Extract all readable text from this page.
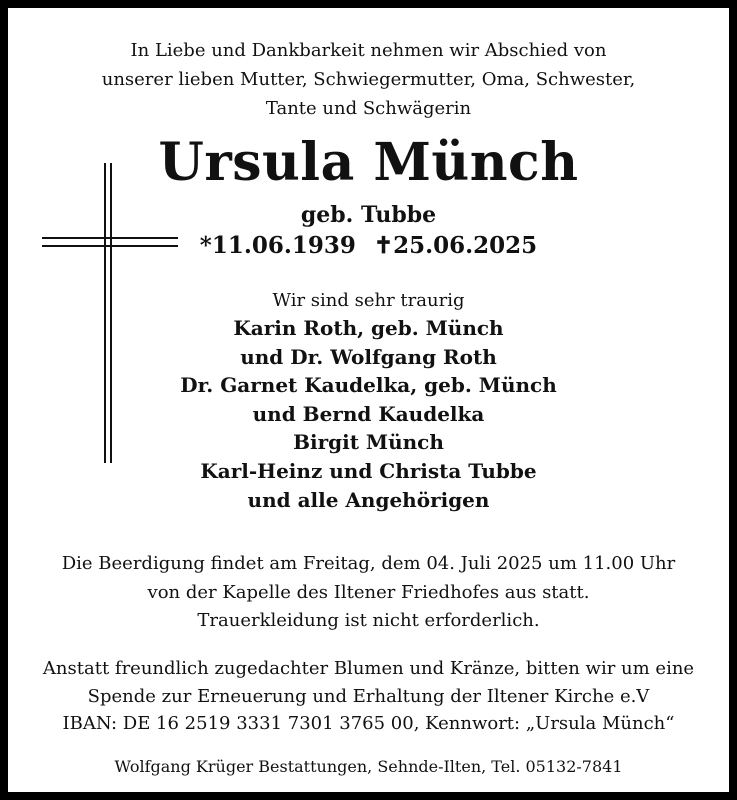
In Liebe und Dankbarkeit nehmen wir Abschied von
unserer lieben Mutter, Schwiegermutter, Oma, Schwester,
Tante und Schwägerin
Ursula Münch
geb. Tubbe
*11.06.1939 ✝25.06.2025
Wir sind sehr traurig
Karin Roth, geb. Münch
und Dr. Wolfgang Roth
Dr. Garnet Kaudelka, geb. Münch
und Bernd Kaudelka
Birgit Münch
Karl-Heinz und Christa Tubbe
und alle Angehörigen
Die Beerdigung findet am Freitag, dem 04. Juli 2025 um 11.00 Uhr
von der Kapelle des Iltener Friedhofes aus statt.
Trauerkleidung ist nicht erforderlich.
Anstatt freundlich zugedachter Blumen und Kränze, bitten wir um eine
Spende zur Erneuerung und Erhaltung der Iltener Kirche e.V
IBAN: DE 16 2519 3331 7301 3765 00, Kennwort: „Ursula Münch“
Wolfgang Krüger Bestattungen, Sehnde-Ilten, Tel. 05132-7841
